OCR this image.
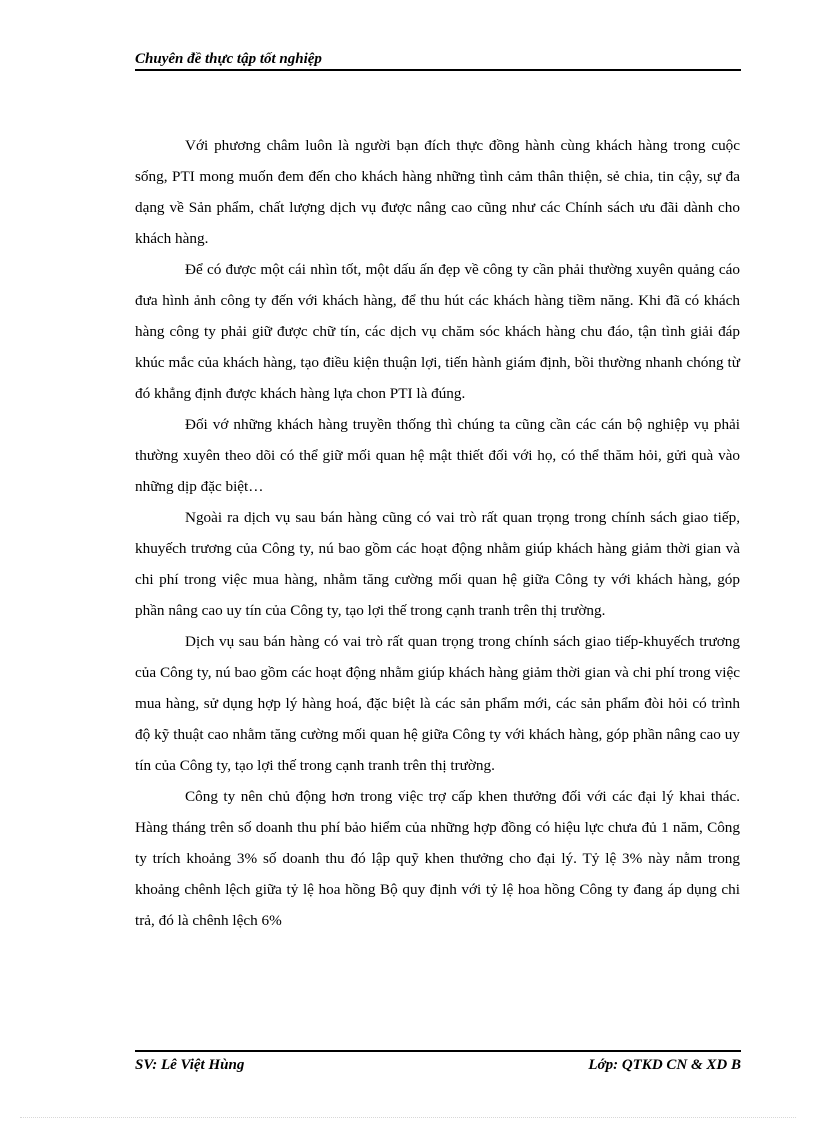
Chuyên đề thực tập tốt nghiệp

Với phương châm luôn là người bạn đích thực đồng hành cùng khách hàng trong cuộc sống, PTI mong muốn đem đến cho khách hàng những tình cảm thân thiện, sẻ chia, tin cậy, sự đa dạng về Sản phẩm, chất lượng dịch vụ được nâng cao cũng như các Chính sách ưu đãi dành cho khách hàng.

Để có được một cái nhìn tốt, một dấu ấn đẹp về công ty cần phải thường xuyên quảng cáo đưa hình ảnh công ty đến với khách hàng, để thu hút các khách hàng tiềm năng. Khi đã có khách hàng công ty phải giữ được chữ tín, các dịch vụ chăm sóc khách hàng chu đáo, tận tình giải đáp khúc mắc của khách hàng, tạo điều kiện thuận lợi, tiến hành giám định, bồi thường nhanh chóng từ đó khẳng định được khách hàng lựa chon PTI là đúng.

Đối vớ những khách hàng truyền thống thì chúng ta cũng cần các cán bộ nghiệp vụ phải thường xuyên theo dõi có thể giữ mối quan hệ mật thiết đối với họ, có thể thăm hỏi, gửi quà vào những dịp đặc biệt…

Ngoài ra dịch vụ sau bán hàng cũng có vai trò rất quan trọng trong chính sách giao tiếp, khuyếch trương của Công ty, nú bao gồm các hoạt động nhằm giúp khách hàng giảm thời gian và chi phí trong việc mua hàng, nhằm tăng cường mối quan hệ giữa Công ty với khách hàng, góp phần nâng cao uy tín của Công ty, tạo lợi thế trong cạnh tranh trên thị trường.

Dịch vụ sau bán hàng có vai trò rất quan trọng trong chính sách giao tiếp-khuyếch trương của Công ty, nú bao gồm các hoạt động nhằm giúp khách hàng giảm thời gian và chi phí trong việc mua hàng, sử dụng hợp lý hàng hoá, đặc biệt là các sản phẩm mới, các sản phẩm đòi hỏi có trình độ kỹ thuật cao nhằm tăng cường mối quan hệ giữa Công ty với khách hàng, góp phần nâng cao uy tín của Công ty, tạo lợi thế trong cạnh tranh trên thị trường.

Công ty nên chủ động hơn trong việc trợ cấp khen thưởng đối với các đại lý khai thác. Hàng tháng trên số doanh thu phí bảo hiểm của những hợp đồng có hiệu lực chưa đủ 1 năm, Công ty trích khoảng 3% số doanh thu đó lập quỹ khen thưởng cho đại lý. Tỷ lệ 3% này nằm trong khoảng chênh lệch giữa tỷ lệ hoa hồng Bộ quy định với tỷ lệ hoa hồng Công ty đang áp dụng chi trả, đó là chênh lệch 6%

SV: Lê Việt Hùng	Lớp: QTKD CN & XD B
